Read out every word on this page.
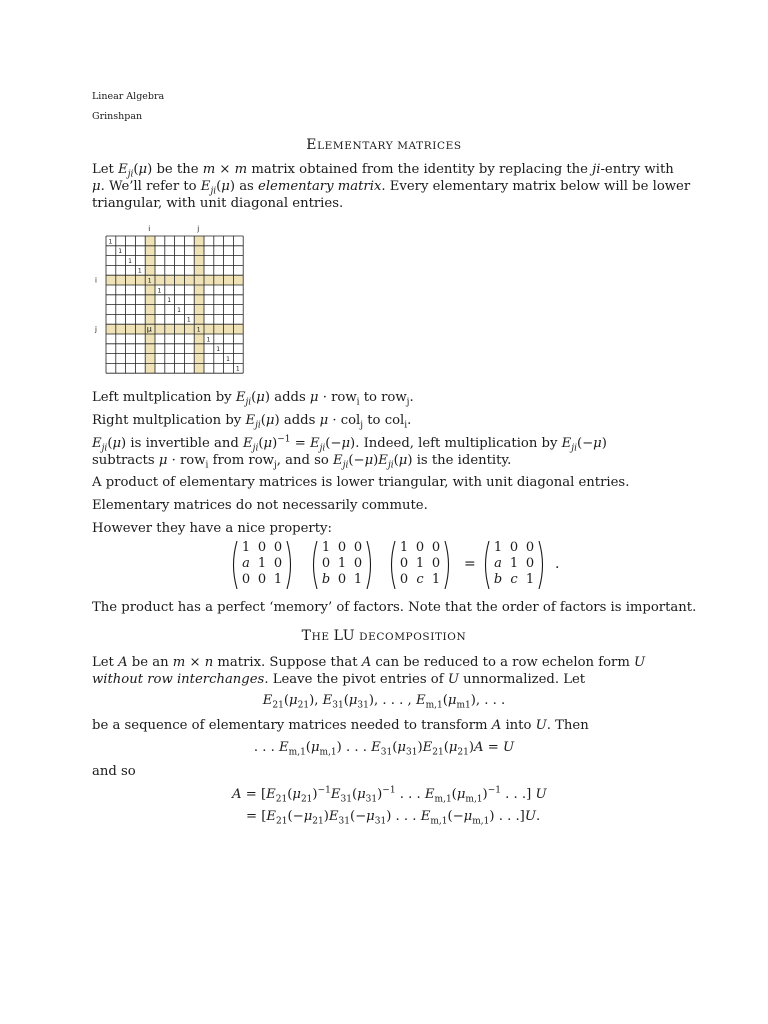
Linear Algebra
Grinshpan
ELEMENTARY MATRICES
Let $E_{ji}(\mu)$ be the m × m matrix obtained from the identity by replacing the ji-entry with
μ. We’ll refer to $E_{ji}(\mu)$ as elementary matrix. Every elementary matrix below will be lower
triangular, with unit diagonal entries.
1
1
1
1
1
1
1
1
1
1
1
1
1
1
μ
i	j
i
j
Left multplication by $E_{ji}(\mu)$ adds μ · row$_i$ to row$_j$.
Right multplication by $E_{ji}(\mu)$ adds μ · col$_j$ to col$_i$.
$E_{ji}(\mu)$ is invertible and $E_{ji}(\mu)^{-1} = E_{ji}(-\mu)$. Indeed, left multiplication by $E_{ji}(-\mu)$
subtracts μ · row$_i$ from row$_j$, and so $E_{ji}(-\mu)E_{ji}(\mu)$ is the identity.
A product of elementary matrices is lower triangular, with unit diagonal entries.
Elementary matrices do not necessarily commute.
However they have a nice property:
1 0 0
a 1 0
0 0 1
1 0 0
0 1 0
b 0 1
1 0 0
0 1 0
0 c 1
=
1 0 0
a 1 0
b c 1
.
The product has a perfect ‘memory’ of factors. Note that the order of factors is important.
THE LU DECOMPOSITION
Let A be an m × n matrix. Suppose that A can be reduced to a row echelon form U
without row interchanges. Leave the pivot entries of U unnormalized. Let
$E_{21}(\mu_{21})$, $E_{31}(\mu_{31})$, . . . , $E_{m,1}(\mu_{m1})$, . . .
be a sequence of elementary matrices needed to transform A into U. Then
. . . $E_{m,1}(\mu_{m,1})$ . . . $E_{31}(\mu_{31})E_{21}(\mu_{21})A = U$
and so
$A = [E_{21}(\mu_{21})^{-1}E_{31}(\mu_{31})^{-1}$ . . . $E_{m,1}(\mu_{m,1})^{-1}$ . . .] U
= [$E_{21}(-\mu_{21})E_{31}(-\mu_{31})$ . . . $E_{m,1}(-\mu_{m,1})$ . . .]U.
